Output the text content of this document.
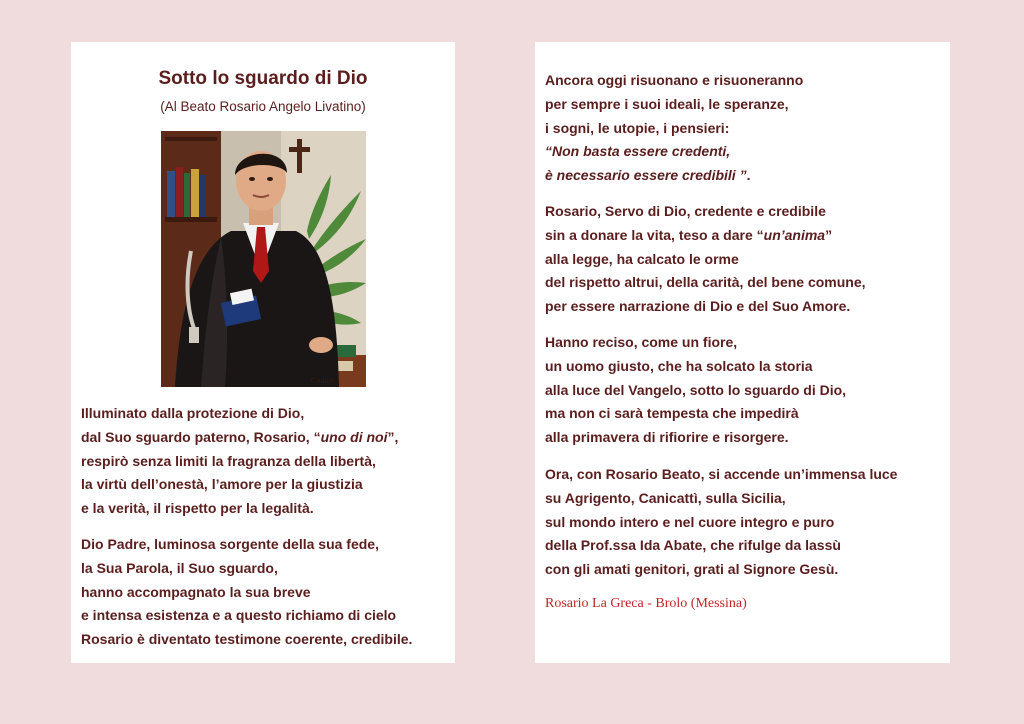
Sotto lo sguardo di Dio
(Al Beato Rosario Angelo Livatino)
Codice
Illuminato dalla protezione di Dio,
dal Suo sguardo paterno, Rosario, “uno di noi”,
respirò senza limiti la fragranza della libertà,
la virtù dell’onestà, l’amore per la giustizia
e la verità, il rispetto per la legalità.
Dio Padre, luminosa sorgente della sua fede,
la Sua Parola, il Suo sguardo,
hanno accompagnato la sua breve
e intensa esistenza e a questo richiamo di cielo
Rosario è diventato testimone coerente, credibile.
Ancora oggi risuonano e risuoneranno
per sempre i suoi ideali, le speranze,
i sogni, le utopie, i pensieri:
“Non basta essere credenti,
è necessario essere credibili ”.
Rosario, Servo di Dio, credente e credibile
sin a donare la vita, teso a dare “un’anima”
alla legge, ha calcato le orme
del rispetto altrui, della carità, del bene comune,
per essere narrazione di Dio e del Suo Amore.
Hanno reciso, come un fiore,
un uomo giusto, che ha solcato la storia
alla luce del Vangelo, sotto lo sguardo di Dio,
ma non ci sarà tempesta che impedirà
alla primavera di rifiorire e risorgere.
Ora, con Rosario Beato, si accende un’immensa luce
su Agrigento, Canicattì, sulla Sicilia,
sul mondo intero e nel cuore integro e puro
della Prof.ssa Ida Abate, che rifulge da lassù
con gli amati genitori, grati al Signore Gesù.
Rosario La Greca - Brolo (Messina)
